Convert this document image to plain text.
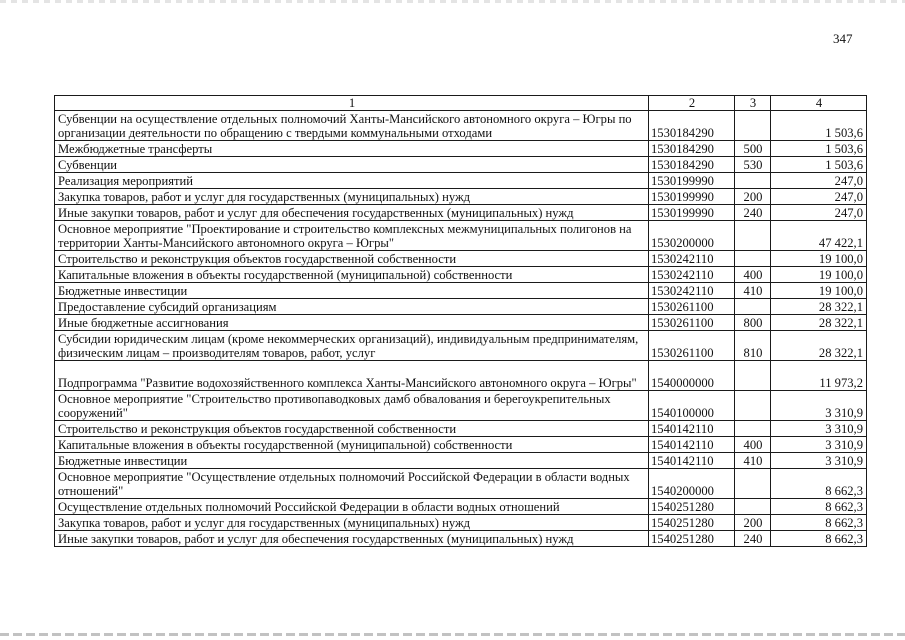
347
1	2	3	4
Субвенции на осуществление отдельных полномочий Ханты-Мансийского автономного округа – Югры по организации деятельности по обращению с твердыми коммунальными отходами	1530184290		1 503,6
Межбюджетные трансферты	1530184290	500	1 503,6
Субвенции	1530184290	530	1 503,6
Реализация мероприятий	1530199990		247,0
Закупка товаров, работ и услуг для государственных (муниципальных) нужд	1530199990	200	247,0
Иные закупки товаров, работ и услуг для обеспечения государственных (муниципальных) нужд	1530199990	240	247,0
Основное мероприятие "Проектирование и строительство комплексных межмуниципальных полигонов на территории Ханты-Мансийского автономного округа – Югры"	1530200000		47 422,1
Строительство и реконструкция объектов государственной собственности	1530242110		19 100,0
Капитальные вложения в объекты государственной (муниципальной) собственности	1530242110	400	19 100,0
Бюджетные инвестиции	1530242110	410	19 100,0
Предоставление субсидий организациям	1530261100		28 322,1
Иные бюджетные ассигнования	1530261100	800	28 322,1
Субсидии юридическим лицам (кроме некоммерческих организаций), индивидуальным предпринимателям, физическим лицам – производителям товаров, работ, услуг	1530261100	810	28 322,1
Подпрограмма "Развитие водохозяйственного комплекса Ханты-Мансийского автономного округа – Югры"	1540000000		11 973,2
Основное мероприятие "Строительство противопаводковых дамб обвалования и берегоукрепительных сооружений"	1540100000		3 310,9
Строительство и реконструкция объектов государственной собственности	1540142110		3 310,9
Капитальные вложения в объекты государственной (муниципальной) собственности	1540142110	400	3 310,9
Бюджетные инвестиции	1540142110	410	3 310,9
Основное мероприятие "Осуществление отдельных полномочий Российской Федерации в области водных отношений"	1540200000		8 662,3
Осуществление отдельных полномочий Российской Федерации в области водных отношений	1540251280		8 662,3
Закупка товаров, работ и услуг для государственных (муниципальных) нужд	1540251280	200	8 662,3
Иные закупки товаров, работ и услуг для обеспечения государственных (муниципальных) нужд	1540251280	240	8 662,3
